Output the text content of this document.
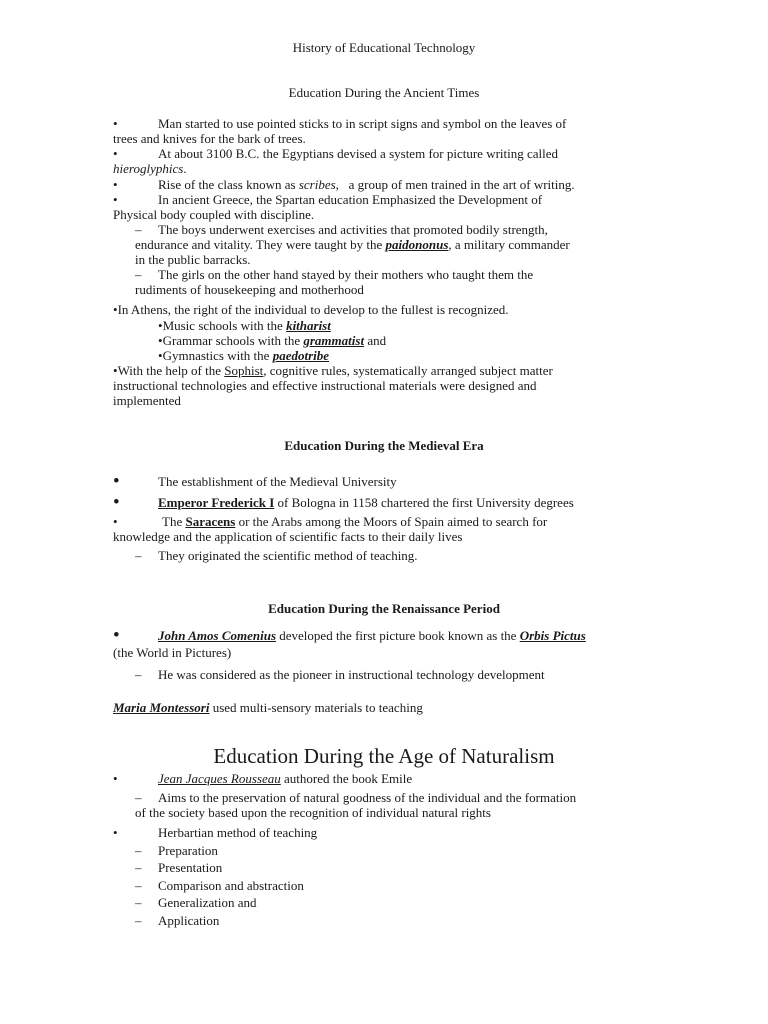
History of Educational Technology
Education During the Ancient Times
•	Man started to use pointed sticks to in script signs and symbol on the leaves of
trees and knives for the bark of trees.
•	At about 3100 B.C. the Egyptians devised a system for picture writing called
hieroglyphics.
•	Rise of the class known as scribes,   a group of men trained in the art of writing.
•	In ancient Greece, the Spartan education Emphasized the Development of
Physical body coupled with discipline.
– The boys underwent exercises and activities that promoted bodily strength,
endurance and vitality. They were taught by the paidononus, a military commander
in the public barracks.
– The girls on the other hand stayed by their mothers who taught them the
rudiments of housekeeping and motherhood
•In Athens, the right of the individual to develop to the fullest is recognized.
•Music schools with the kitharist
•Grammar schools with the grammatist and
•Gymnastics with the paedotribe
•With the help of the Sophist, cognitive rules, systematically arranged subject matter
instructional technologies and effective instructional materials were designed and
implemented
Education During the Medieval Era
•	The establishment of the Medieval University
•	Emperor Frederick I of Bologna in 1158 chartered the first University degrees
•	The Saracens or the Arabs among the Moors of Spain aimed to search for
knowledge and the application of scientific facts to their daily lives
– They originated the scientific method of teaching.
Education During the Renaissance Period
•	John Amos Comenius developed the first picture book known as the Orbis Pictus
(the World in Pictures)
– He was considered as the pioneer in instructional technology development
Maria Montessori used multi-sensory materials to teaching
Education During the Age of Naturalism
•	Jean Jacques Rousseau authored the book Emile
– Aims to the preservation of natural goodness of the individual and the formation
of the society based upon the recognition of individual natural rights
•	Herbartian method of teaching
– Preparation
– Presentation
– Comparison and abstraction
– Generalization and
– Application
